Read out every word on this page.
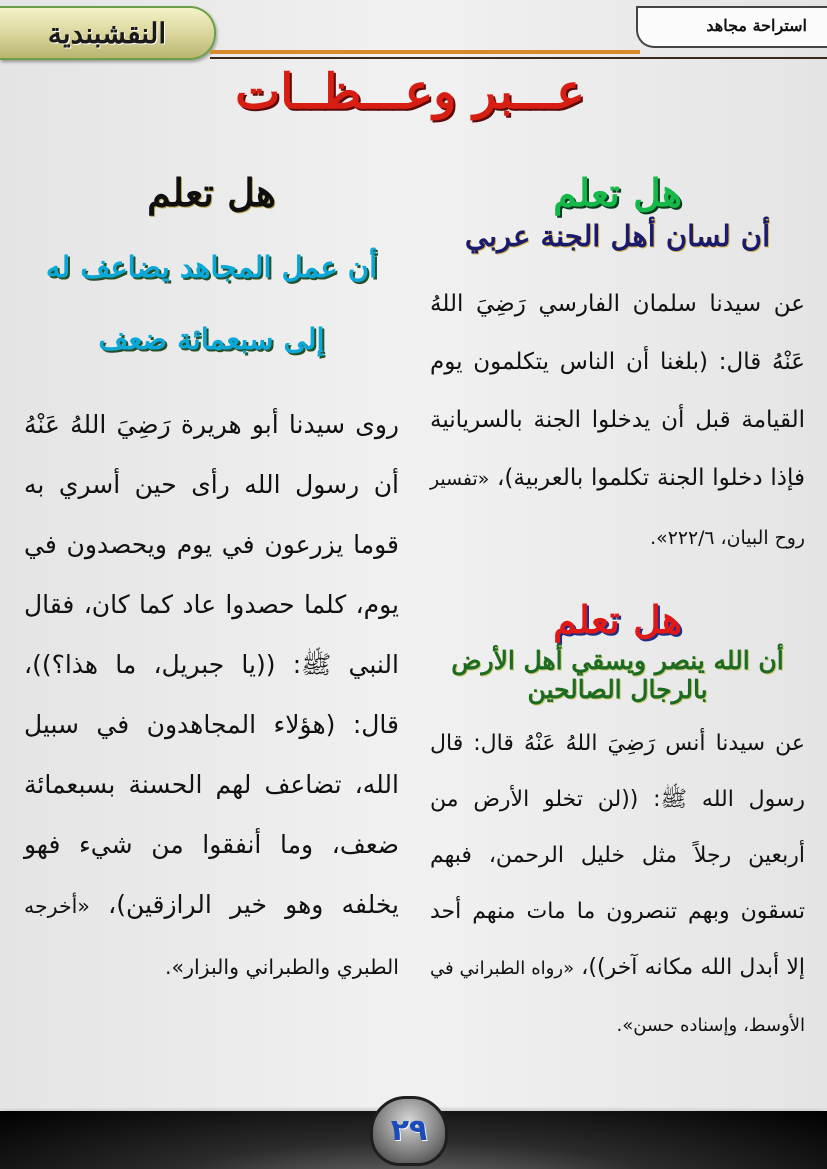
النقشبندية	استراحة مجاهد
عـــبر وعـــظــات
هل تعلم
أن لسان أهل الجنة عربي

عن سيدنا سلمان الفارسي رَضِيَ اللهُ عَنْهُ قال: (بلغنا أن الناس يتكلمون يوم القيامة قبل أن يدخلوا الجنة بالسريانية فإذا دخلوا الجنة تكلموا بالعربية)، «تفسير روح البيان، ٢٢٢/٦».

هل تعلم
أن الله ينصر ويسقي أهل الأرض بالرجال الصالحين

عن سيدنا أنس رَضِيَ اللهُ عَنْهُ قال: قال رسول الله ﷺ: ((لن تخلو الأرض من أربعين رجلاً مثل خليل الرحمن، فبهم تسقون وبهم تنصرون ما مات منهم أحد إلا أبدل الله مكانه آخر))، «رواه الطبراني في الأوسط، وإسناده حسن».

هل تعلم
أن عمل المجاهد يضاعف له إلى سبعمائة ضعف

روى سيدنا أبو هريرة رَضِيَ اللهُ عَنْهُ أن رسول الله رأى حين أسري به قوما يزرعون في يوم ويحصدون في يوم، كلما حصدوا عاد كما كان، فقال النبي ﷺ: ((يا جبريل، ما هذا؟))، قال: (هؤلاء المجاهدون في سبيل الله، تضاعف لهم الحسنة بسبعمائة ضعف، وما أنفقوا من شيء فهو يخلفه وهو خير الرازقين)، «أخرجه الطبري والطبراني والبزار».

٢٩
